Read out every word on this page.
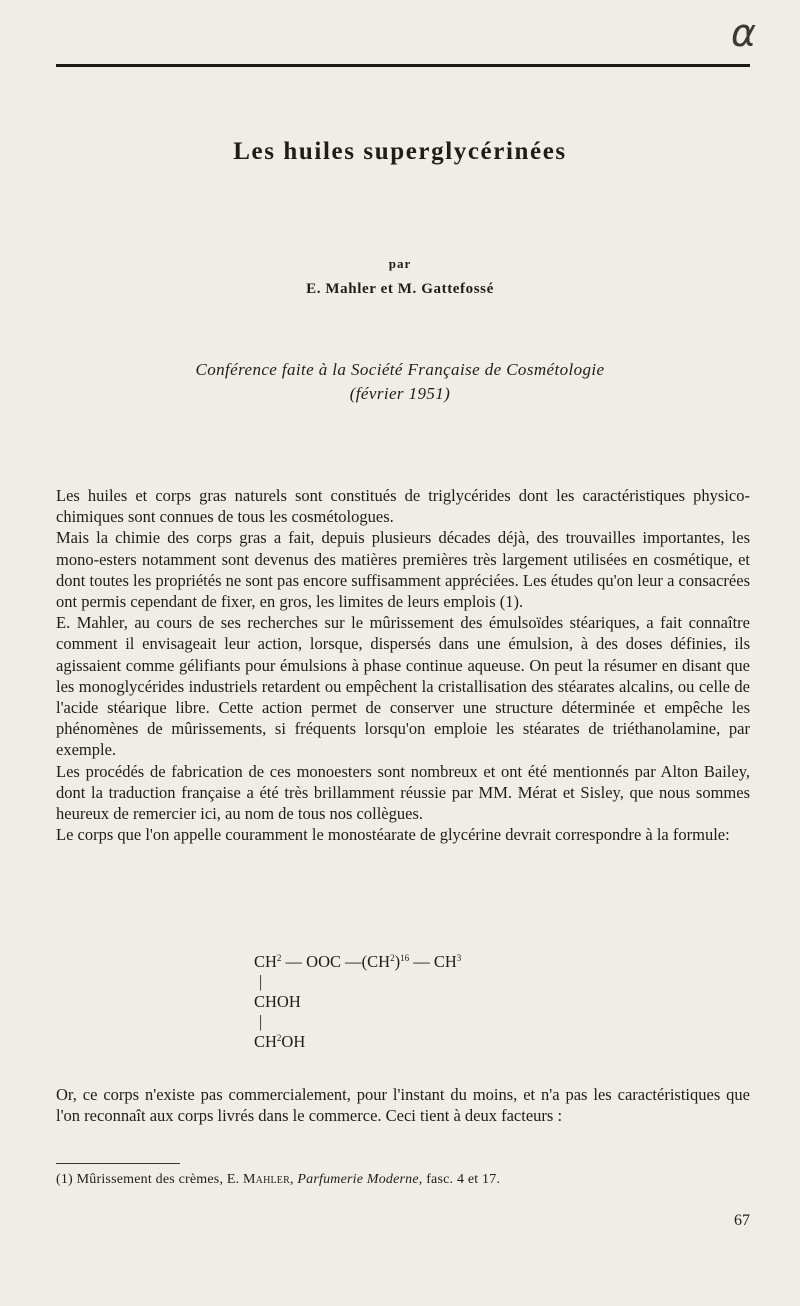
α
Les huiles superglycérinées
par
E. Mahler et M. Gattefossé
Conférence faite à la Société Française de Cosmétologie
(février 1951)

Les huiles et corps gras naturels sont constitués de triglycérides dont les caractéristiques physico-chimiques sont connues de tous les cosmétologues.

Mais la chimie des corps gras a fait, depuis plusieurs décades déjà, des trouvailles importantes, les mono-esters notamment sont devenus des matières premières très largement utilisées en cosmétique, et dont toutes les propriétés ne sont pas encore suffisamment appréciées. Les études qu'on leur a consacrées ont permis cependant de fixer, en gros, les limites de leurs emplois (1).

E. Mahler, au cours de ses recherches sur le mûrissement des émulsoïdes stéariques, a fait connaître comment il envisageait leur action, lorsque, dispersés dans une émulsion, à des doses définies, ils agissaient comme gélifiants pour émulsions à phase continue aqueuse. On peut la résumer en disant que les monoglycérides industriels retardent ou empêchent la cristallisation des stéarates alcalins, ou celle de l'acide stéarique libre. Cette action permet de conserver une structure déterminée et empêche les phénomènes de mûrissements, si fréquents lorsqu'on emploie les stéarates de triéthanolamine, par exemple.

Les procédés de fabrication de ces monoesters sont nombreux et ont été mentionnés par Alton Bailey, dont la traduction française a été très brillamment réussie par MM. Mérat et Sisley, que nous sommes heureux de remercier ici, au nom de tous nos collègues.

Le corps que l'on appelle couramment le monostéarate de glycérine devrait correspondre à la formule:

$CH^2$ — OOC $—(CH^2)^{16}$ — $CH^3$
|
CHOH
|
$CH^2OH$

Or, ce corps n'existe pas commercialement, pour l'instant du moins, et n'a pas les caractéristiques que l'on reconnaît aux corps livrés dans le commerce. Ceci tient à deux facteurs :

(1) Mûrissement des crèmes, E. Mahler, Parfumerie Moderne, fasc. 4 et 17.
67
